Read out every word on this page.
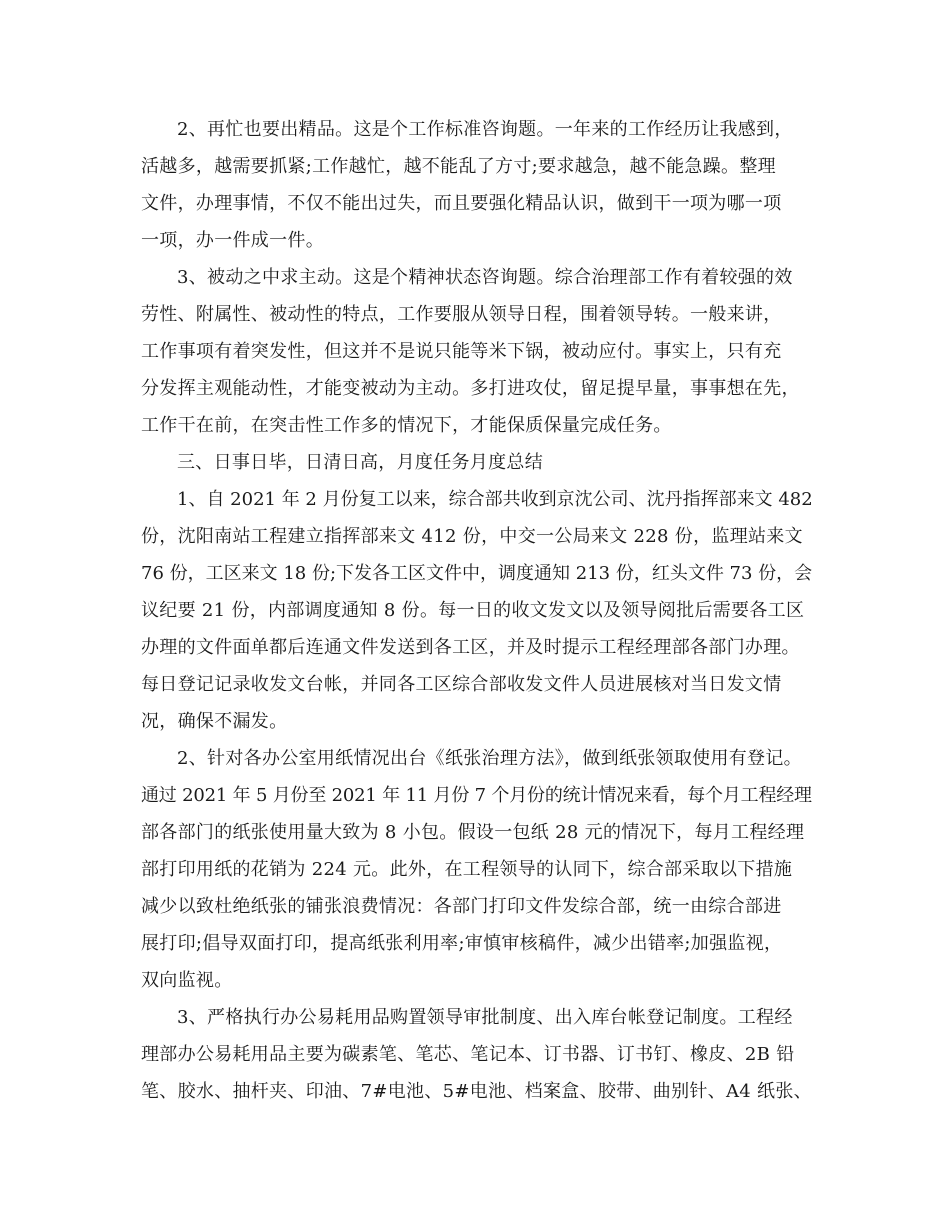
2、再忙也要出精品。这是个工作标准咨询题。一年来的工作经历让我感到，
活越多，越需要抓紧;工作越忙，越不能乱了方寸;要求越急，越不能急躁。整理
文件，办理事情，不仅不能出过失，而且要强化精品认识，做到干一项为哪一项
一项，办一件成一件。
3、被动之中求主动。这是个精神状态咨询题。综合治理部工作有着较强的效
劳性、附属性、被动性的特点，工作要服从领导日程，围着领导转。一般来讲，
工作事项有着突发性，但这并不是说只能等米下锅，被动应付。事实上，只有充
分发挥主观能动性，才能变被动为主动。多打进攻仗，留足提早量，事事想在先，
工作干在前，在突击性工作多的情况下，才能保质保量完成任务。
三、日事日毕，日清日高，月度任务月度总结
1、自 2021 年 2 月份复工以来，综合部共收到京沈公司、沈丹指挥部来文 482
份，沈阳南站工程建立指挥部来文 412 份，中交一公局来文 228 份，监理站来文
76 份，工区来文 18 份;下发各工区文件中，调度通知 213 份，红头文件 73 份，会
议纪要 21 份，内部调度通知 8 份。每一日的收文发文以及领导阅批后需要各工区
办理的文件面单都后连通文件发送到各工区，并及时提示工程经理部各部门办理。
每日登记记录收发文台帐，并同各工区综合部收发文件人员进展核对当日发文情
况，确保不漏发。
2、针对各办公室用纸情况出台《纸张治理方法》，做到纸张领取使用有登记。
通过 2021 年 5 月份至 2021 年 11 月份 7 个月份的统计情况来看，每个月工程经理
部各部门的纸张使用量大致为 8 小包。假设一包纸 28 元的情况下，每月工程经理
部打印用纸的花销为 224 元。此外，在工程领导的认同下，综合部采取以下措施
减少以致杜绝纸张的铺张浪费情况：各部门打印文件发综合部，统一由综合部进
展打印;倡导双面打印，提高纸张利用率;审慎审核稿件，减少出错率;加强监视，
双向监视。
3、严格执行办公易耗用品购置领导审批制度、出入库台帐登记制度。工程经
理部办公易耗用品主要为碳素笔、笔芯、笔记本、订书器、订书钉、橡皮、2B 铅
笔、胶水、抽杆夹、印油、7#电池、5#电池、档案盒、胶带、曲别针、A4 纸张、
